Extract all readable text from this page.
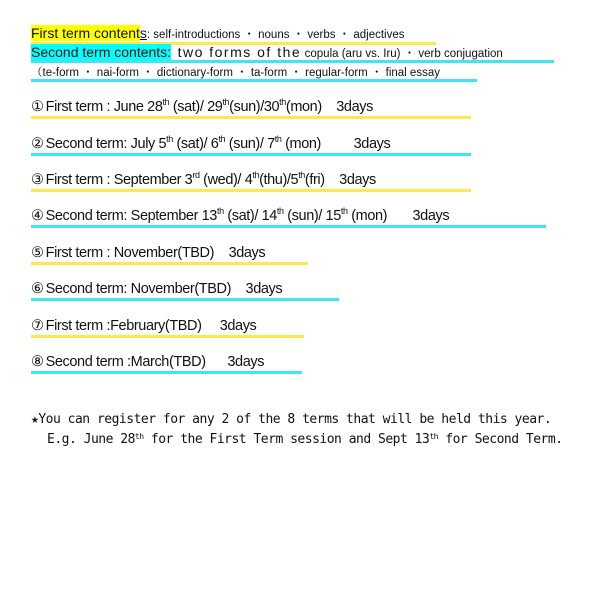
First term contents: self-introductions ・ nouns ・ verbs ・ adjectives
Second term contents: two forms of the copula (aru vs. Iru) ・ verb conjugation
（te-form ・ nai-form ・ dictionary-form ・ ta-form ・ regular-form ・ final essay
① First term : June 28th (sat)/ 29th(sun)/30th(mon)    3days
② Second term: July 5th (sat)/ 6th (sun)/ 7th (mon)         3days
③ First term : September 3rd (wed)/ 4th(thu)/5th(fri)    3days
④ Second term: September 13th (sat)/ 14th (sun)/ 15th (mon)       3days
⑤ First term : November(TBD)    3days
⑥ Second term: November(TBD)    3days
⑦ First term :February(TBD)     3days
⑧ Second term :March(TBD)      3days
★You can register for any 2 of the 8 terms that will be held this year.
E.g. June 28th for the First Term session and Sept 13th for Second Term.
